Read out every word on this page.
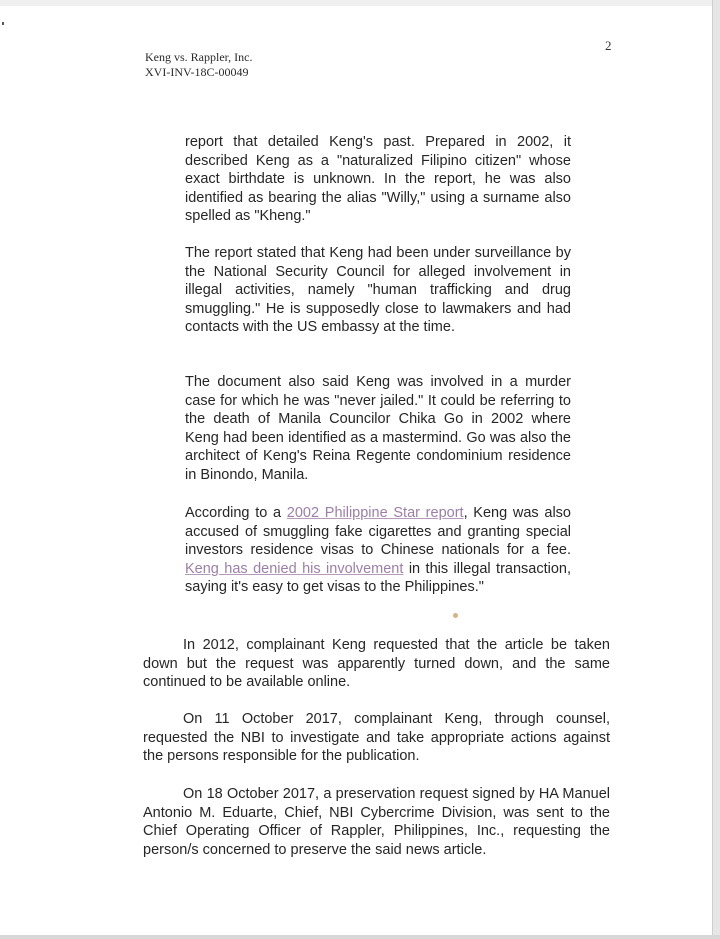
Keng vs. Rappler, Inc.
XVI-INV-18C-00049
2

report that detailed Keng's past. Prepared in 2002, it described Keng as a "naturalized Filipino citizen" whose exact birthdate is unknown. In the report, he was also identified as bearing the alias "Willy," using a surname also spelled as "Kheng."

The report stated that Keng had been under surveillance by the National Security Council for alleged involvement in illegal activities, namely "human trafficking and drug smuggling." He is supposedly close to lawmakers and had contacts with the US embassy at the time.

The document also said Keng was involved in a murder case for which he was "never jailed." It could be referring to the death of Manila Councilor Chika Go in 2002 where Keng had been identified as a mastermind. Go was also the architect of Keng's Reina Regente condominium residence in Binondo, Manila.

According to a 2002 Philippine Star report, Keng was also accused of smuggling fake cigarettes and granting special investors residence visas to Chinese nationals for a fee. Keng has denied his involvement in this illegal transaction, saying it's easy to get visas to the Philippines."

In 2012, complainant Keng requested that the article be taken down but the request was apparently turned down, and the same continued to be available online.

On 11 October 2017, complainant Keng, through counsel, requested the NBI to investigate and take appropriate actions against the persons responsible for the publication.

On 18 October 2017, a preservation request signed by HA Manuel Antonio M. Eduarte, Chief, NBI Cybercrime Division, was sent to the Chief Operating Officer of Rappler, Philippines, Inc., requesting the person/s concerned to preserve the said news article.
